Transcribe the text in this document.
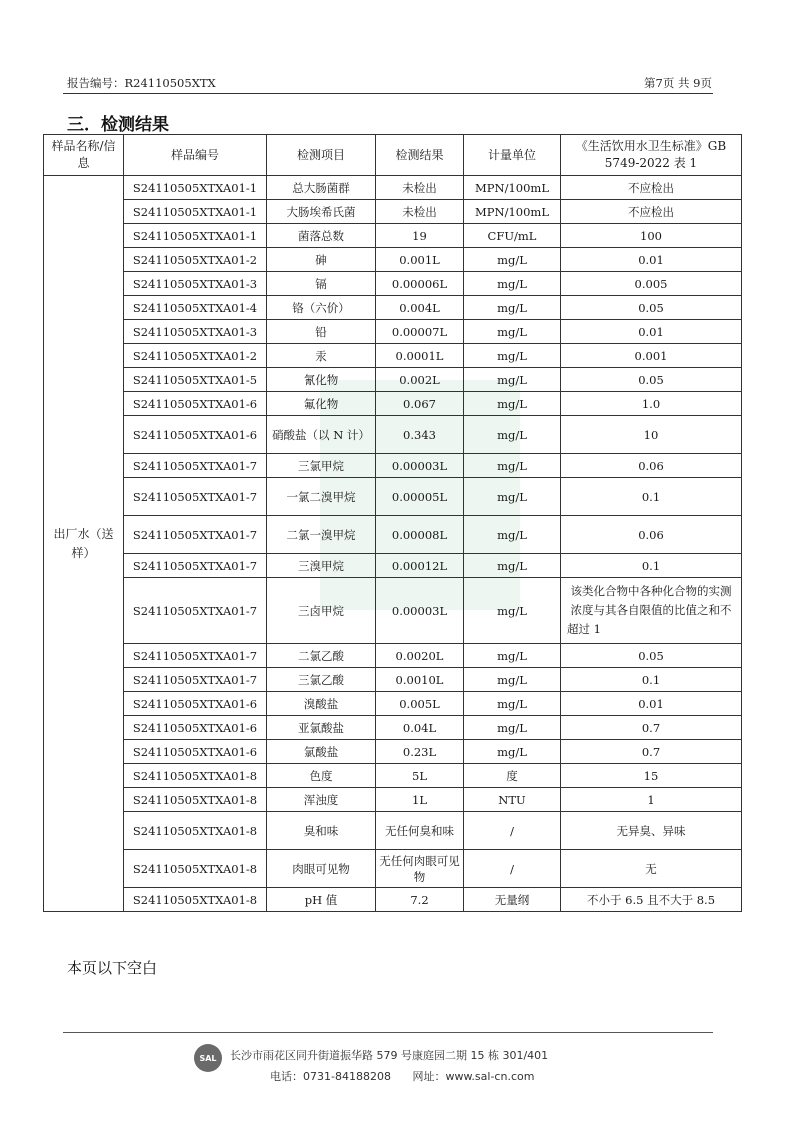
报告编号：R24110505XTX	第7页 共 9页
三．检测结果
样品名称/信息	样品编号	检测项目	检测结果	计量单位	《生活饮用水卫生标准》GB 5749-2022 表 1
出厂水（送样）	S24110505XTXA01-1	总大肠菌群	未检出	MPN/100mL	不应检出
	S24110505XTXA01-1	大肠埃希氏菌	未检出	MPN/100mL	不应检出
	S24110505XTXA01-1	菌落总数	19	CFU/mL	100
	S24110505XTXA01-2	砷	0.001L	mg/L	0.01
	S24110505XTXA01-3	镉	0.00006L	mg/L	0.005
	S24110505XTXA01-4	铬（六价）	0.004L	mg/L	0.05
	S24110505XTXA01-3	铅	0.00007L	mg/L	0.01
	S24110505XTXA01-2	汞	0.0001L	mg/L	0.001
	S24110505XTXA01-5	氰化物	0.002L	mg/L	0.05
	S24110505XTXA01-6	氟化物	0.067	mg/L	1.0
	S24110505XTXA01-6	硝酸盐（以 N 计）	0.343	mg/L	10
	S24110505XTXA01-7	三氯甲烷	0.00003L	mg/L	0.06
	S24110505XTXA01-7	一氯二溴甲烷	0.00005L	mg/L	0.1
	S24110505XTXA01-7	二氯一溴甲烷	0.00008L	mg/L	0.06
	S24110505XTXA01-7	三溴甲烷	0.00012L	mg/L	0.1
	S24110505XTXA01-7	三卤甲烷	0.00003L	mg/L	该类化合物中各种化合物的实测浓度与其各自限值的比值之和不超过 1
	S24110505XTXA01-7	二氯乙酸	0.0020L	mg/L	0.05
	S24110505XTXA01-7	三氯乙酸	0.0010L	mg/L	0.1
	S24110505XTXA01-6	溴酸盐	0.005L	mg/L	0.01
	S24110505XTXA01-6	亚氯酸盐	0.04L	mg/L	0.7
	S24110505XTXA01-6	氯酸盐	0.23L	mg/L	0.7
	S24110505XTXA01-8	色度	5L	度	15
	S24110505XTXA01-8	浑浊度	1L	NTU	1
	S24110505XTXA01-8	臭和味	无任何臭和味	/	无异臭、异味
	S24110505XTXA01-8	肉眼可见物	无任何肉眼可见物	/	无
	S24110505XTXA01-8	pH 值	7.2	无量纲	不小于 6.5 且不大于 8.5
本页以下空白
SAL	长沙市雨花区同升街道振华路 579 号康庭园二期 15 栋 301/401
电话：0731-84188208 网址：www.sal-cn.com
